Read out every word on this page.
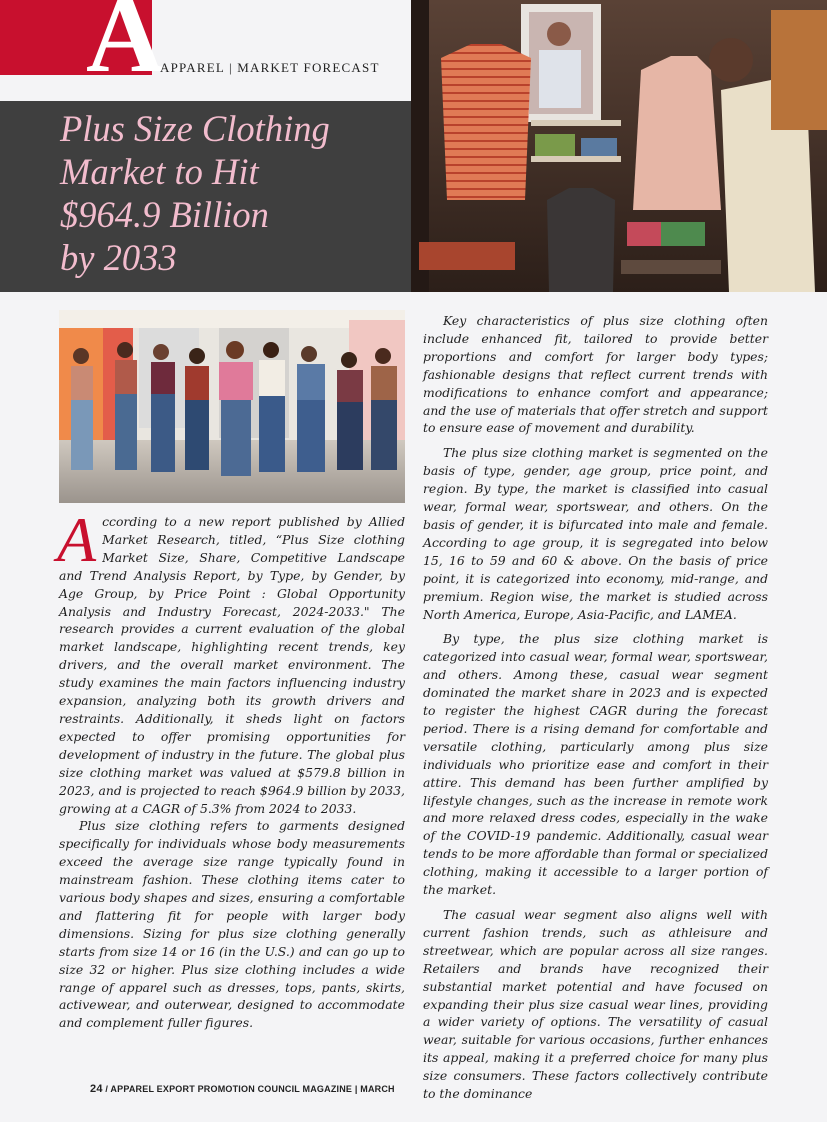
A
APPAREL | MARKET FORECAST
Plus Size Clothing
Market to Hit
$964.9 Billion
by 2033

According to a new report published by Allied Market Research, titled, “Plus Size clothing Market Size, Share, Competitive Landscape and Trend Analysis Report, by Type, by Gender, by Age Group, by Price Point : Global Opportunity Analysis and Industry Forecast, 2024-2033." The research provides a current evaluation of the global market landscape, highlighting recent trends, key drivers, and the overall market environment. The study examines the main factors influencing industry expansion, analyzing both its growth drivers and restraints. Additionally, it sheds light on factors expected to offer promising opportunities for development of industry in the future. The global plus size clothing market was valued at $579.8 billion in 2023, and is projected to reach $964.9 billion by 2033, growing at a CAGR of 5.3% from 2024 to 2033.

Plus size clothing refers to garments designed specifically for individuals whose body measurements exceed the average size range typically found in mainstream fashion. These clothing items cater to various body shapes and sizes, ensuring a comfortable and flattering fit for people with larger body dimensions. Sizing for plus size clothing generally starts from size 14 or 16 (in the U.S.) and can go up to size 32 or higher. Plus size clothing includes a wide range of apparel such as dresses, tops, pants, skirts, activewear, and outerwear, designed to accommodate and complement fuller figures.

Key characteristics of plus size clothing often include enhanced fit, tailored to provide better proportions and comfort for larger body types; fashionable designs that reflect current trends with modifications to enhance comfort and appearance; and the use of materials that offer stretch and support to ensure ease of movement and durability.

The plus size clothing market is segmented on the basis of type, gender, age group, price point, and region. By type, the market is classified into casual wear, formal wear, sportswear, and others. On the basis of gender, it is bifurcated into male and female. According to age group, it is segregated into below 15, 16 to 59 and 60 & above. On the basis of price point, it is categorized into economy, mid-range, and premium. Region wise, the market is studied across North America, Europe, Asia-Pacific, and LAMEA.

By type, the plus size clothing market is categorized into casual wear, formal wear, sportswear, and others. Among these, casual wear segment dominated the market share in 2023 and is expected to register the highest CAGR during the forecast period. There is a rising demand for comfortable and versatile clothing, particularly among plus size individuals who prioritize ease and comfort in their attire. This demand has been further amplified by lifestyle changes, such as the increase in remote work and more relaxed dress codes, especially in the wake of the COVID-19 pandemic. Additionally, casual wear tends to be more affordable than formal or specialized clothing, making it accessible to a larger portion of the market.

The casual wear segment also aligns well with current fashion trends, such as athleisure and streetwear, which are popular across all size ranges. Retailers and brands have recognized their substantial market potential and have focused on expanding their plus size casual wear lines, providing a wider variety of options. The versatility of casual wear, suitable for various occasions, further enhances its appeal, making it a preferred choice for many plus size consumers. These factors collectively contribute to the dominance

24 / APPAREL EXPORT PROMOTION COUNCIL MAGAZINE | MARCH
